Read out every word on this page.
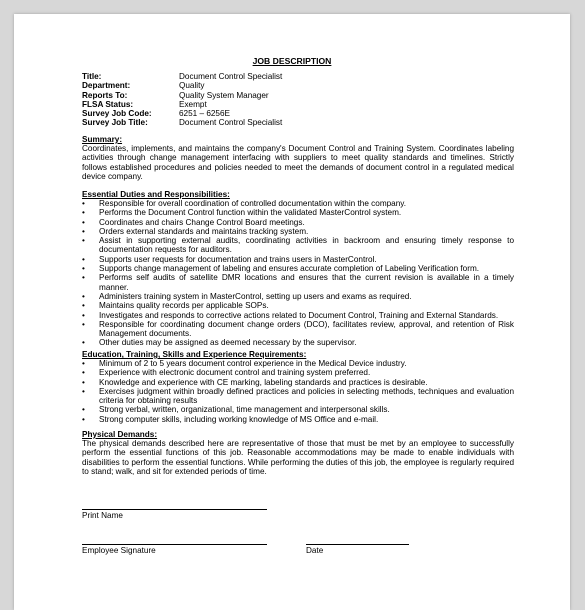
JOB DESCRIPTION
Title:	Document Control Specialist
Department:	Quality
Reports To:	Quality System Manager
FLSA Status:	Exempt
Survey Job Code:	6251 – 6256E
Survey Job Title:	Document Control Specialist
Summary:
Coordinates, implements, and maintains the company's Document Control and Training System. Coordinates labeling activities through change management interfacing with suppliers to meet quality standards and timelines. Strictly follows established procedures and policies needed to meet the demands of document control in a regulated medical device company.
Essential Duties and Responsibilities:
• Responsible for overall coordination of controlled documentation within the company.
• Performs the Document Control function within the validated MasterControl system.
• Coordinates and chairs Change Control Board meetings.
• Orders external standards and maintains tracking system.
• Assist in supporting external audits, coordinating activities in backroom and ensuring timely response to documentation requests for auditors.
• Supports user requests for documentation and trains users in MasterControl.
• Supports change management of labeling and ensures accurate completion of Labeling Verification form.
• Performs self audits of satellite DMR locations and ensures that the current revision is available in a timely manner.
• Administers training system in MasterControl, setting up users and exams as required.
• Maintains quality records per applicable SOPs.
• Investigates and responds to corrective actions related to Document Control, Training and External Standards.
• Responsible for coordinating document change orders (DCO), facilitates review, approval, and retention of Risk Management documents.
• Other duties may be assigned as deemed necessary by the supervisor.
Education, Training, Skills and Experience Requirements:
• Minimum of 2 to 5 years document control experience in the Medical Device industry.
• Experience with electronic document control and training system preferred.
• Knowledge and experience with CE marking, labeling standards and practices is desirable.
• Exercises judgment within broadly defined practices and policies in selecting methods, techniques and evaluation criteria for obtaining results
• Strong verbal, written, organizational, time management and interpersonal skills.
• Strong computer skills, including working knowledge of MS Office and e-mail.
Physical Demands:
The physical demands described here are representative of those that must be met by an employee to successfully perform the essential functions of this job. Reasonable accommodations may be made to enable individuals with disabilities to perform the essential functions. While performing the duties of this job, the employee is regularly required to stand; walk, and sit for extended periods of time.
Print Name
Employee Signature	Date
